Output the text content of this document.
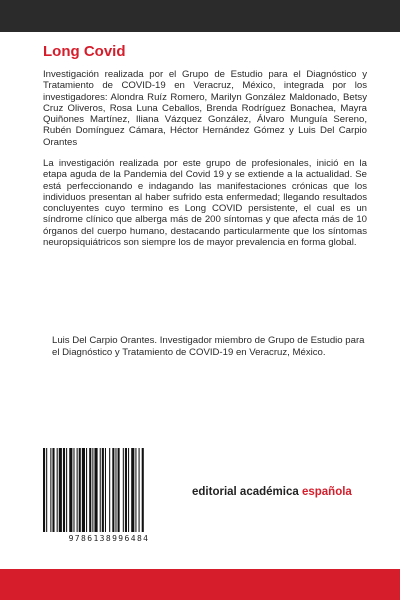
Long Covid

Investigación realizada por el Grupo de Estudio para el Diagnóstico y Tratamiento de COVID-19 en Veracruz, México, integrada por los investigadores: Alondra Ruíz Romero, Marilyn González Maldonado, Betsy Cruz Oliveros, Rosa Luna Ceballos, Brenda Rodríguez Bonachea, Mayra Quiñones Martínez, Iliana Vázquez González, Álvaro Munguía Sereno, Rubén Domínguez Cámara, Héctor Hernández Gómez y Luis Del Carpio Orantes

La investigación realizada por este grupo de profesionales, inició en la etapa aguda de la Pandemia del Covid 19 y se extiende a la actualidad. Se está perfeccionando e indagando las manifestaciones crónicas que los individuos presentan al haber sufrido esta enfermedad; llegando resultados concluyentes cuyo termino es Long COVID persistente, el cual es un síndrome clínico que alberga más de 200 síntomas y que afecta más de 10 órganos del cuerpo humano, destacando particularmente que los síntomas neuropsiquiátricos son siempre los de mayor prevalencia en forma global.

Luis Del Carpio Orantes. Investigador miembro de Grupo de Estudio para el Diagnóstico y Tratamiento de COVID-19 en Veracruz, México.

9786138996484
editorial académica española
